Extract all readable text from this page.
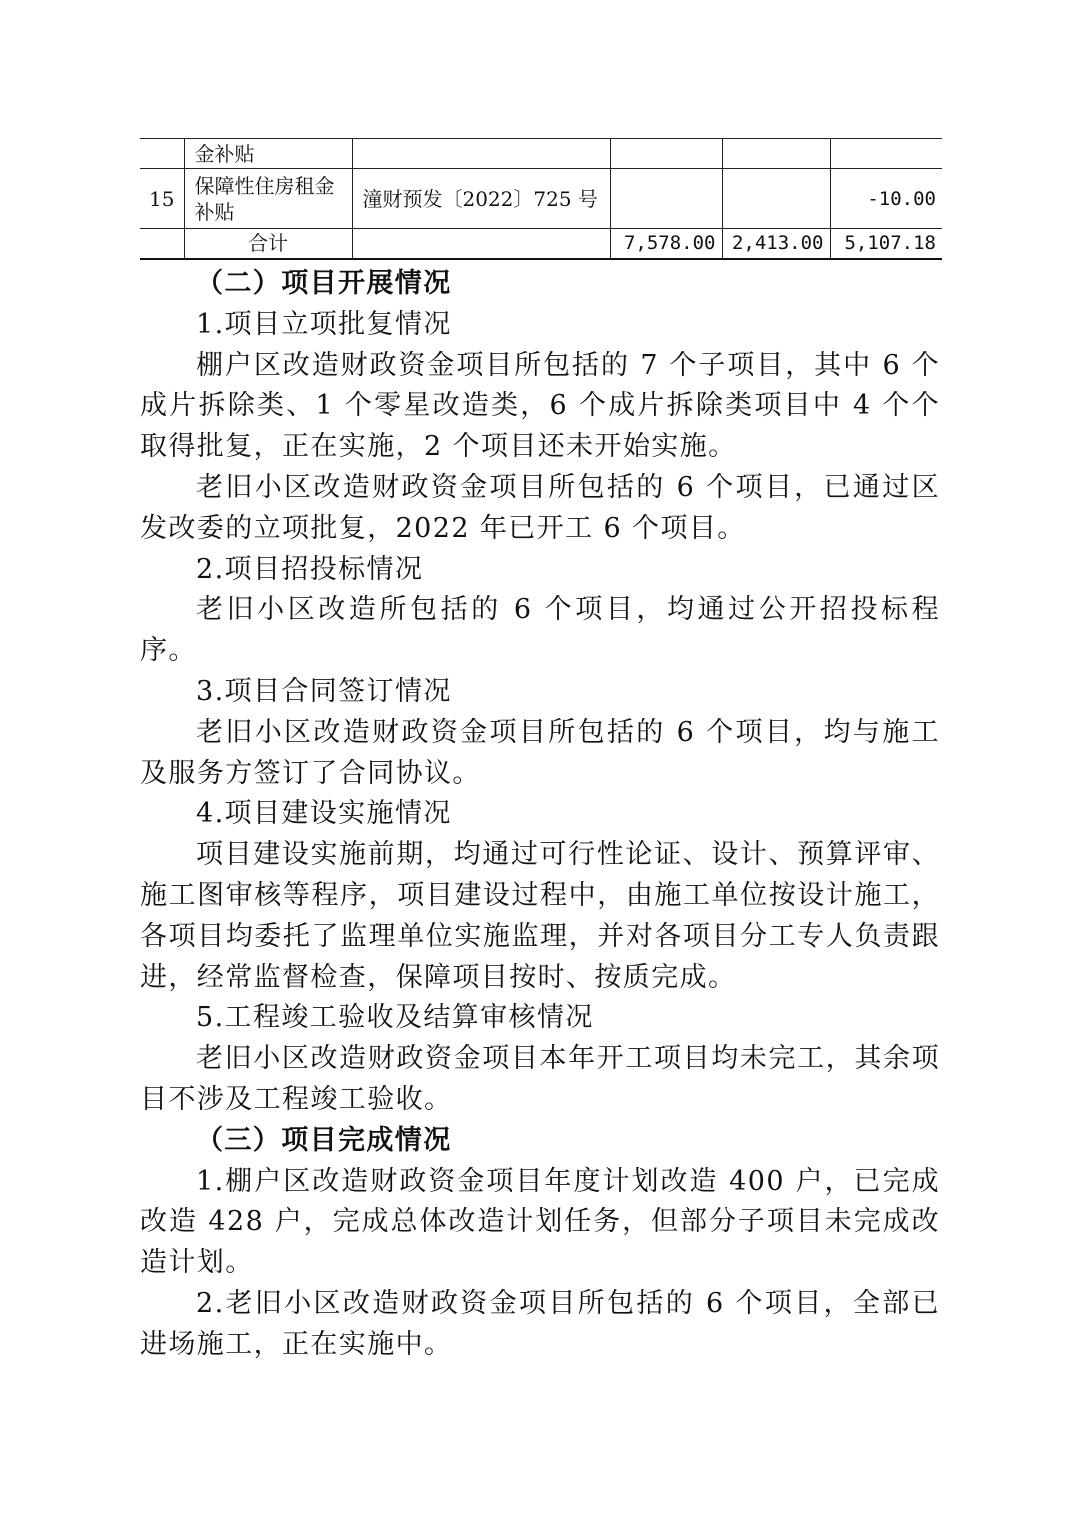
	金补贴				
15	保障性住房租金补贴	潼财预发〔2022〕725 号			-10.00
	合计		7,578.00	2,413.00	5,107.18

（二）项目开展情况

1.项目立项批复情况

棚户区改造财政资金项目所包括的 7 个子项目，其中 6 个成片拆除类、1 个零星改造类，6 个成片拆除类项目中 4 个个取得批复，正在实施，2 个项目还未开始实施。

老旧小区改造财政资金项目所包括的 6 个项目，已通过区发改委的立项批复，2022 年已开工 6 个项目。

2.项目招投标情况

老旧小区改造所包括的 6 个项目，均通过公开招投标程序。

3.项目合同签订情况

老旧小区改造财政资金项目所包括的 6 个项目，均与施工及服务方签订了合同协议。

4.项目建设实施情况

项目建设实施前期，均通过可行性论证、设计、预算评审、施工图审核等程序，项目建设过程中，由施工单位按设计施工，各项目均委托了监理单位实施监理，并对各项目分工专人负责跟进，经常监督检查，保障项目按时、按质完成。

5.工程竣工验收及结算审核情况

老旧小区改造财政资金项目本年开工项目均未完工，其余项目不涉及工程竣工验收。

（三）项目完成情况

1.棚户区改造财政资金项目年度计划改造 400 户，已完成改造 428 户，完成总体改造计划任务，但部分子项目未完成改造计划。

2.老旧小区改造财政资金项目所包括的 6 个项目，全部已进场施工，正在实施中。
